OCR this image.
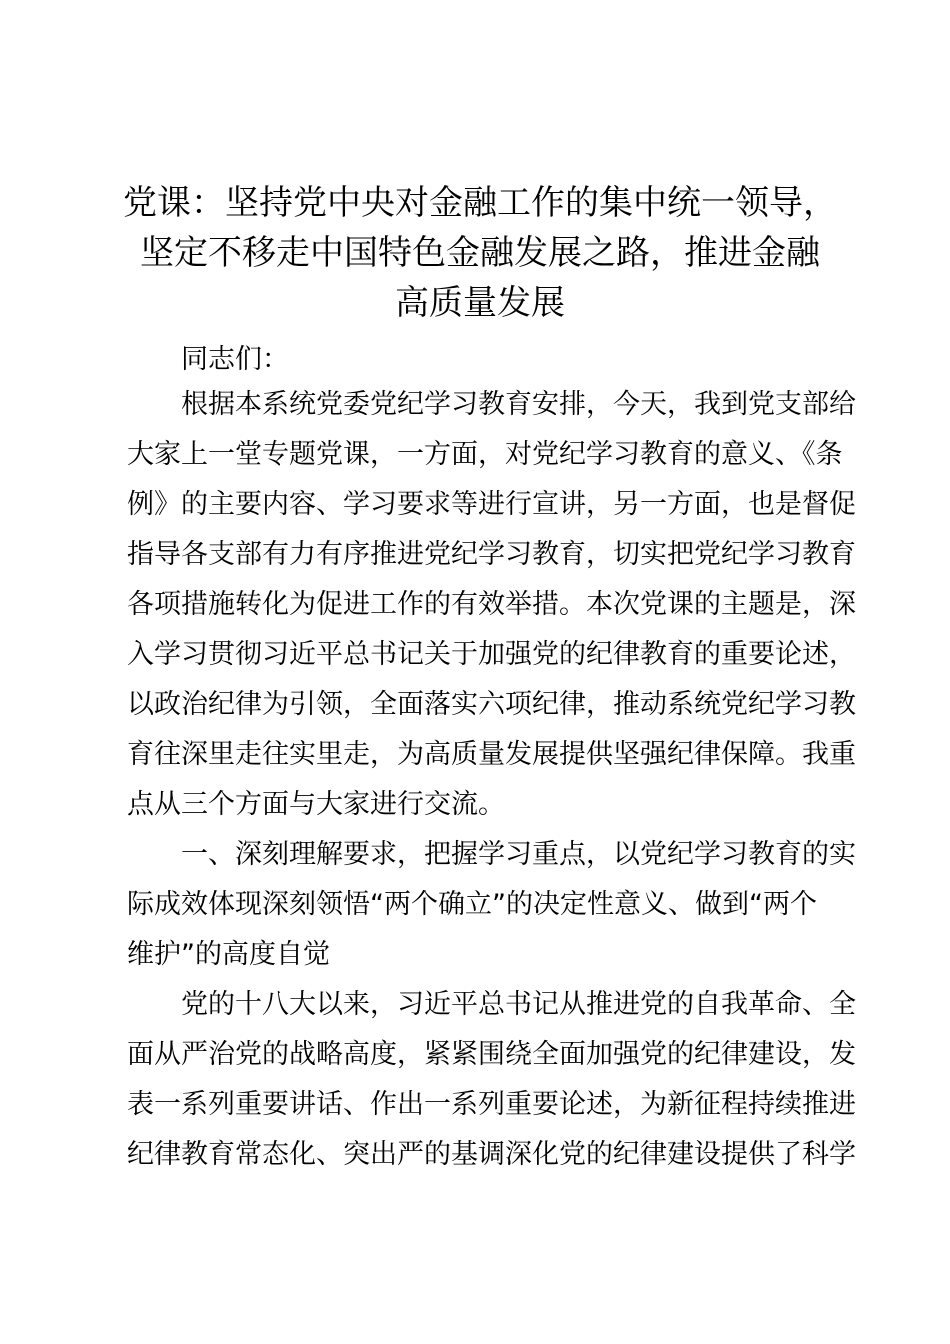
党课：坚持党中央对金融工作的集中统一领导，
坚定不移走中国特色金融发展之路，推进金融
高质量发展

同志们：

根据本系统党委党纪学习教育安排，今天，我到党支部给
大家上一堂专题党课，一方面，对党纪学习教育的意义、《条
例》的主要内容、学习要求等进行宣讲，另一方面，也是督促
指导各支部有力有序推进党纪学习教育，切实把党纪学习教育
各项措施转化为促进工作的有效举措。本次党课的主题是，深
入学习贯彻习近平总书记关于加强党的纪律教育的重要论述，
以政治纪律为引领，全面落实六项纪律，推动系统党纪学习教
育往深里走往实里走，为高质量发展提供坚强纪律保障。我重
点从三个方面与大家进行交流。

一、深刻理解要求，把握学习重点，以党纪学习教育的实
际成效体现深刻领悟“两个确立”的决定性意义、做到“两个
维护”的高度自觉

党的十八大以来，习近平总书记从推进党的自我革命、全
面从严治党的战略高度，紧紧围绕全面加强党的纪律建设，发
表一系列重要讲话、作出一系列重要论述，为新征程持续推进
纪律教育常态化、突出严的基调深化党的纪律建设提供了科学
